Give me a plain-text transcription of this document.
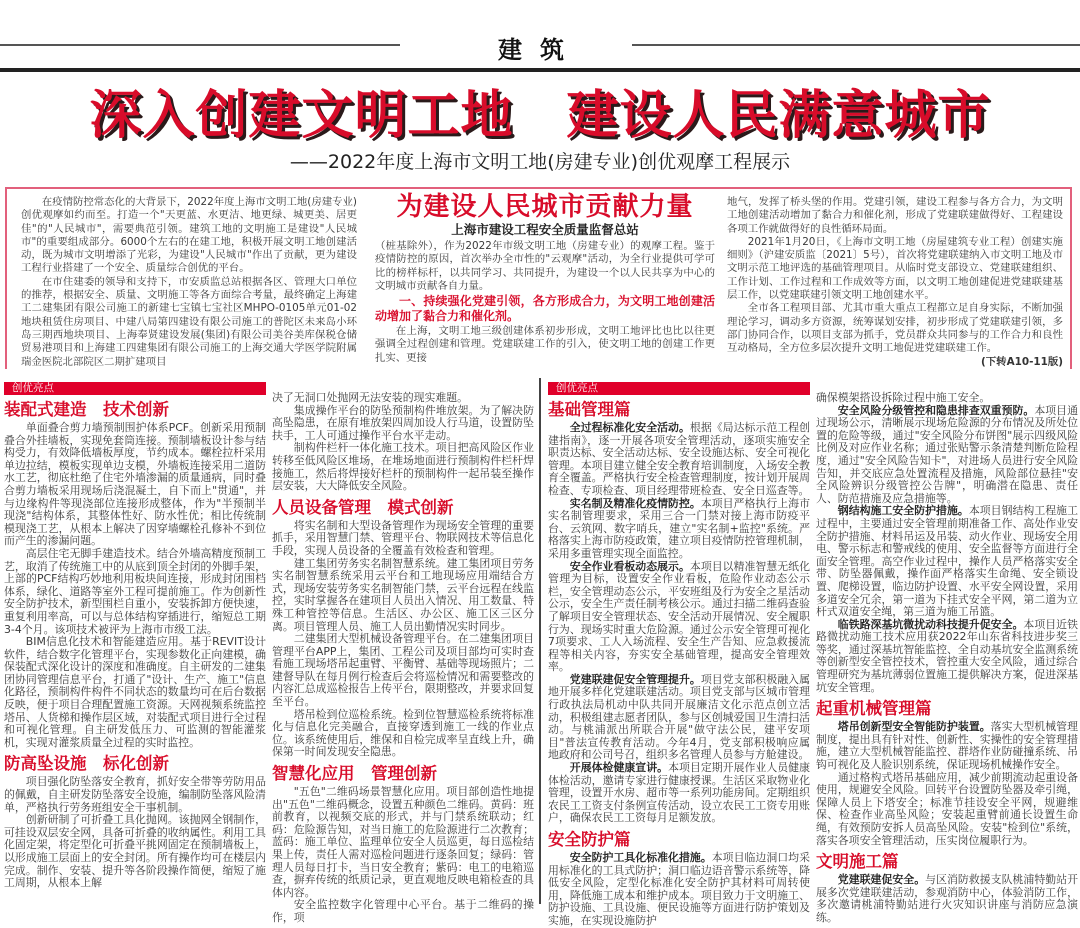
建筑
深入创建文明工地　建设人民满意城市
——2022年度上海市文明工地(房建专业)创优观摩工程展示

在疫情防控常态化的大背景下，2022年度上海市文明工地(房建专业)创优观摩如约而至。打造一个"天更蓝、水更洁、地更绿、城更美、居更佳"的"人民城市"，需要典范引领。建筑工地的文明施工是建设"人民城市"的重要组成部分。6000个左右的在建工地，积极开展文明工地创建活动，既为城市文明增添了光彩，为建设"人民城市"作出了贡献，更为建设工程行业搭建了一个安全、质量综合创优的平台。

在市住建委的领导和支持下，市安质监总站根据各区、管理大口单位的推荐，根据安全、质量、文明施工等各方面综合考量，最终确定上海建工二建集团有限公司施工的新建七宝镇七宝社区MHPO-0105单元01-02地块租赁住房项目、中建八局第四建设有限公司施工的普陀区未来岛小环岛三期西地块项目、上海奉贤建设发展(集团)有限公司美谷美库保税仓储贸易港项目和上海建工四建集团有限公司施工的上海交通大学医学院附属瑞金医院北部院区二期扩建项目

为建设人民城市贡献力量
上海市建设工程安全质量监督总站

（桩基除外），作为2022年市级文明工地（房建专业）的观摩工程。鉴于疫情防控的原因，首次举办全市性的"云观摩"活动，为全行业提供可学可比的榜样标杆，以共同学习、共同提升，为建设一个以人民共享为中心的文明城市贡献各自力量。

一、持续强化党建引领，各方形成合力，为文明工地创建活动增加了黏合力和催化剂。

在上海，文明工地三级创建体系初步形成，文明工地评比也比以往更强调全过程创建和管理。党建联建工作的引入，使文明工地的创建工作更扎实、更接

地气，发挥了桥头堡的作用。党建引领，建设工程参与各方合力，为文明工地创建活动增加了黏合力和催化剂，形成了党建联建做得好、工程建设各项工作就做得好的良性循环局面。

2021年1月20日，《上海市文明工地（房屋建筑专业工程）创建实施细则》（沪建安质监〔2021〕5号），首次将党建联建纳入市文明工地及市文明示范工地评选的基础管理项目。从临时党支部设立、党建联建组织、工作计划、工作过程和工作成效等方面，以文明工地创建促进党建联建基层工作，以党建联建引领文明工地创建水平。

全市各工程项目部、尤其市重大重点工程都立足自身实际，不断加强理论学习，调动多方资源，统筹谋划安排，初步形成了党建联建引领，多部门协同合作，以项目支部为抓手，党员群众共同参与的工作合力和良性互动格局，全方位多层次提升文明工地促进党建联建工作。
(下转A10-11版)

创优亮点
装配式建造　技术创新

单面叠合剪力墙预制围护体系PCF。创新采用预制叠合外挂墙板，实现免套筒连接。预制墙板设计参与结构受力，有效降低墙板厚度，节约成本。螺栓拉杆采用单边拉结，模板实现单边支模，外墙板连接采用二道防水工艺，彻底杜绝了住宅外墙渗漏的质量通病，同时叠合剪力墙板采用现场后浇混凝土，自下而上"贯通"，并与边缘构件等现浇部位连接形成整体，作为"半预制半现浇"结构体系，其整体性好、防水性优；相比传统制模现浇工艺，从根本上解决了因穿墙螺栓孔修补不到位而产生的渗漏问题。

高层住宅无脚手建造技术。结合外墙高精度预制工艺，取消了传统施工中的从底到顶全封闭的外脚手架，上部的PCF结构巧妙地利用板块间连接，形成封闭围档体系，绿化、道路等室外工程可提前施工。作为创新性安全防护技术，新型围栏自重小，安装拆卸方便快速，重复利用率高，可以与总体结构穿插进行，缩短总工期3-4个月。该项技术被评为上海市市级工法。

BIM信息化技术和智能建造应用。基于REVIT设计软件，结合数字化管理平台，实现参数化正向建模，确保装配式深化设计的深度和准确度。自主研发的二建集团协同管理信息平台，打通了"设计、生产、施工"信息化路径，预制构件构件不同状态的数量均可在后台数据反映，便于项目合理配置施工资源。天网视频系统监控塔吊、人货梯和操作层区域，对装配式项目进行全过程和可视化管理。自主研发低压力、可监测的智能灌浆机，实现对灌浆质量全过程的实时监控。

防高坠设施　标化创新

项目强化防坠落安全教育，抓好安全带等劳防用品的佩戴，自主研发防坠落安全设施，编制防坠落风险清单，严格执行劳务班组安全干事机制。

创新研制了可折叠工具化抛网。该抛网全钢制作，可挂设双层安全网，具备可折叠的收纳属性。利用工具化固定架，将定型化可折叠平挑网固定在预制墙板上，以形成施工层面上的安全封闭。所有操作均可在楼层内完成。制作、安装、提升等各阶段操作简便，缩短了施工周期，从根本上解

决了无洞口处抛网无法安装的现实难题。

集成操作平台的防坠预制构件堆放架。为了解决防高坠隐患，在原有堆放架四周加设人行马道，设置防坠扶手，工人可通过操作平台水平走动。

制构件栏杆一体化施工技术。项目把高风险区作业转移至低风险区堆场，在堆场地面进行预制构件栏杆焊接施工，然后将焊接好栏杆的预制构件一起吊装至操作层安装，大大降低安全风险。

人员设备管理　模式创新

将实名制和大型设备管理作为现场安全管理的重要抓手，采用智慧门禁、管理平台、物联网技术等信息化手段，实现人员设备的全覆盖有效检查和管理。

建工集团劳务实名制智慧系统。建工集团项目劳务实名制智慧系统采用云平台和工地现场应用端结合方式，现场安装劳务实名制智能门禁，云平台远程在线监控，实时掌握各在建项目人员出入情况、用工数量、特殊工种管控等信息。生活区、办公区、施工区三区分离。项目管理人员、施工人员出勤情况实时同步。

二建集团大型机械设备管理平台。在二建集团项目管理平台APP上，集团、工程公司及项目部均可实时查看施工现场塔吊起重臂、平衡臂、基础等现场照片；二建督导队在每月例行检查后会将巡检情况和需要整改的内容汇总成巡检报告上传平台，限期整改，并要求回复至平台。

塔吊检到位巡检系统。检到位智慧巡检系统将标准化与信息化完美融合，直接穿透到施工一线的作业点位。该系统使用后，维保和自检完成率呈直线上升，确保第一时间发现安全隐患。

智慧化应用　管理创新

"五色"二维码场景智慧化应用。项目部创造性地提出"五色"二维码概念，设置五种颜色二维码。黄码：班前教育，以视频交底的形式，并与门禁系统联动；红码：危险源告知，对当日施工的危险源进行二次教育；蓝码：施工单位、监理单位安全人员巡更，每日巡检结果上传，责任人需对巡检问题进行逐条回复；绿码：管理人员每日打卡，当日安全教育；紫码：电工的电箱巡查，摒弃传统的纸质记录，更直观地反映电箱检查的具体内容。

安全监控数字化管理中心平台。基于二维码的操作，项

创优亮点
基础管理篇

全过程标准化安全活动。根据《局达标示范工程创建指南》，逐一开展各项安全管理活动，逐项实施安全职责达标、安全活动达标、安全设施达标、安全可视化管理。本项目建立健全安全教育培训制度，入场安全教育全覆盖。严格执行安全检查管理制度，按计划开展周检查、专项检查、项目经理带班检查、安全日巡查等。

实名制及精准化疫情防控。本项目严格执行上海市实名制管理要求，采用三合一门禁对接上海市防疫平台、云筑网、数字哨兵，建立"实名制+监控"系统。严格落实上海市防疫政策，建立项目疫情防控管理机制，采用多重管理实现全面监控。

安全作业看板动态展示。本项目以精准智慧无纸化管理为目标，设置安全作业看板，危险作业动态公示栏，安全管理动态公示，平安班组及行为安全之星活动公示，安全生产责任制考核公示。通过扫描二维码查验了解项目安全管理状态、安全活动开展情况、安全履职行为、现场实时重大危险源。通过公示安全管理可视化7项要求、工人入场流程、安全生产告知、应急救援流程等相关内容，夯实安全基础管理，提高安全管理效率。

党建联建促安全管理提升。项目党支部积极融入属地开展多样化党建联建活动。项目党支部与区城市管理行政执法局机动中队共同开展廉洁文化示范点创立活动，积极组建志愿者团队，参与区创城爱国卫生清扫活动。与桃浦派出所联合开展"做守法公民，建平安项目"普法宣传教育活动。今年4月，党支部积极响应属地政府和公司号召，组织多名管理人员参与方舱建设。

开展体检健康宣讲。本项目定期开展作业人员健康体检活动，邀请专家进行健康授课。生活区采取物业化管理，设置开水房、超市等一系列功能房间。定期组织农民工工资支付条例宣传活动，设立农民工工资专用账户，确保农民工工资每月足额发放。

安全防护篇

安全防护工具化标准化措施。本项目临边洞口均采用标准化的工具式防护；洞口临边语音警示系统等，降低安全风险，定型化标准化安全防护其材料可周转使用，降低施工成本和维护成本。项目致力于文明施工、防护设施、工具设施、便民设施等方面进行防护策划及实施，在实现设施防护

确保模架搭设拆除过程中施工安全。

安全风险分级管控和隐患排查双重预防。本项目通过现场公示，清晰展示现场危险源的分布情况及所处位置的危险等级，通过"安全风险分布饼图"展示四级风险比例及对应作业名称；通过张贴警示条清楚判断危险程度，通过"安全风险告知卡"，对进场人员进行安全风险告知，并交底应急处置流程及措施，风险部位悬挂"安全风险辨识分级管控公告牌"，明确潜在隐患、责任人、防范措施及应急措施等。

钢结构施工安全防护措施。本项目钢结构工程施工过程中，主要通过安全管理前期准备工作、高处作业安全防护措施、材料吊运及吊装、动火作业、现场安全用电、警示标志和警戒线的使用、安全监督等方面进行全面安全管理。高空作业过程中，操作人员严格落实安全带、防坠器佩戴，操作面严格落实生命绳、安全锁设置、爬梯设置，临边防护设置、水平安全网设置，采用多道安全冗余，第一道为下挂式安全平网，第二道为立杆式双道安全绳，第三道为施工吊篮。

临铁路深基坑微扰动科技提升促安全。本项目近铁路微扰动施工技术应用获2022年山东省科技进步奖三等奖，通过深基坑智能监控、全自动基坑安全监测系统等创新型安全管控技术，管控重大安全风险，通过综合管理研究为基坑薄弱位置施工提供解决方案，促进深基坑安全管理。

起重机械管理篇

塔吊创新型安全智能防护装置。落实大型机械管理制度，提出具有针对性、创新性、实操性的安全管理措施，建立大型机械智能监控、群塔作业防碰撞系统、吊钩可视化及人脸识别系统，保证现场机械操作安全。

通过格构式塔吊基础应用，减少前期流动起重设备使用，规避安全风险。回转平台设置防坠器及牵引绳，保障人员上下塔安全；标准节挂设安全平网，规避维保、检查作业高坠风险；安装起重臂前通长设置生命绳，有效预防安拆人员高坠风险。安装"检到位"系统，落实各项安全管理活动，压实岗位履职行为。

文明施工篇

党建联建促安全。与区消防救援支队桃浦特勤站开展多次党建联建活动，参观消防中心，体验消防工作，多次邀请桃浦特勤站进行火灾知识讲座与消防应急演练。
